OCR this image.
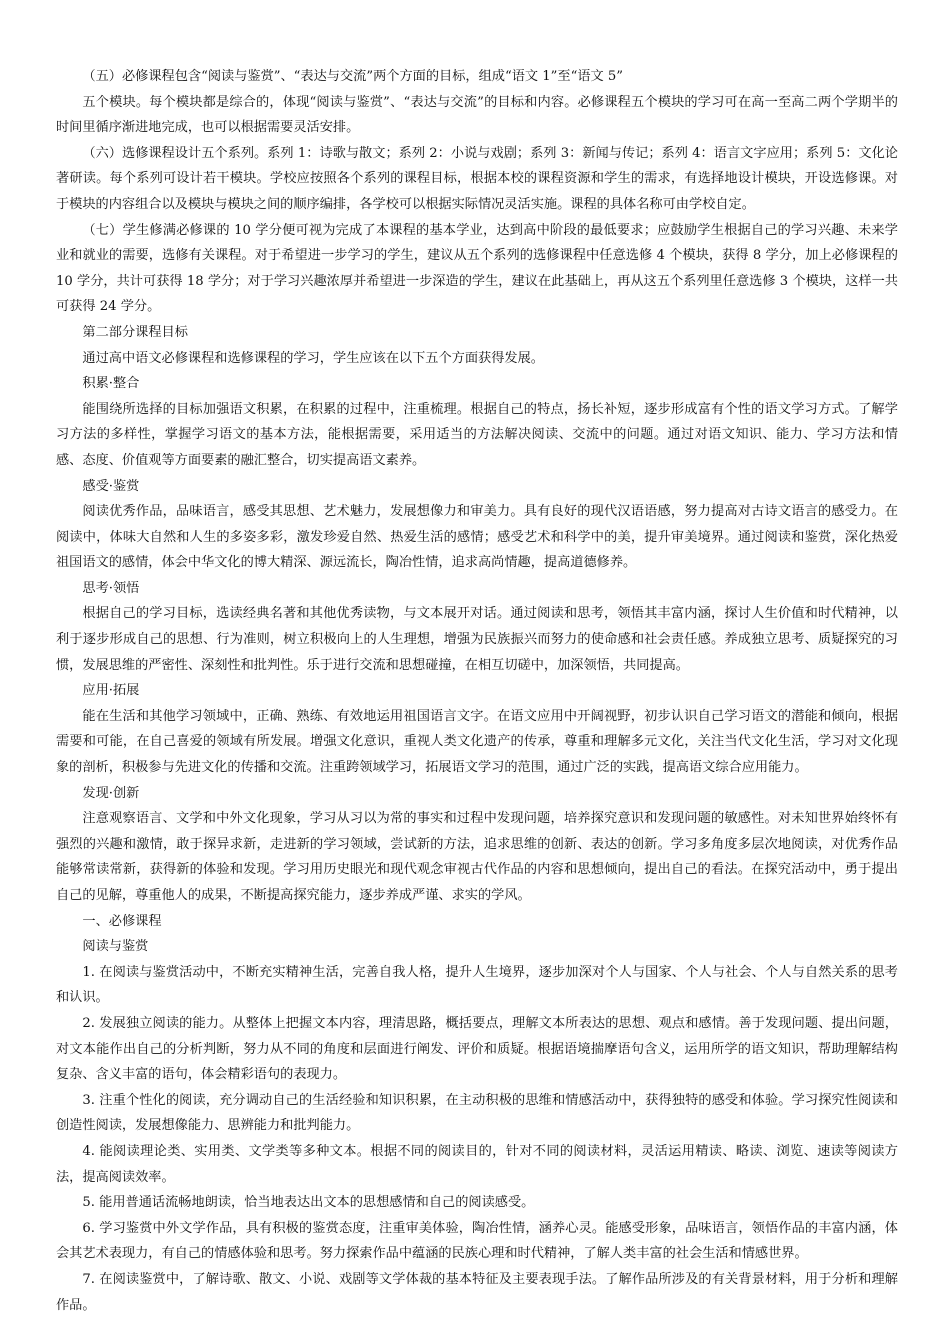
（五）必修课程包含“阅读与鉴赏”、“表达与交流”两个方面的目标，组成“语文 1”至“语文 5”

五个模块。每个模块都是综合的，体现“阅读与鉴赏”、“表达与交流”的目标和内容。必修课程五个模块的学习可在高一至高二两个学期半的时间里循序渐进地完成，也可以根据需要灵活安排。

（六）选修课程设计五个系列。系列 1：诗歌与散文；系列 2：小说与戏剧；系列 3：新闻与传记；系列 4：语言文字应用；系列 5：文化论著研读。每个系列可设计若干模块。学校应按照各个系列的课程目标，根据本校的课程资源和学生的需求，有选择地设计模块，开设选修课。对于模块的内容组合以及模块与模块之间的顺序编排，各学校可以根据实际情况灵活实施。课程的具体名称可由学校自定。

（七）学生修满必修课的 10 学分便可视为完成了本课程的基本学业，达到高中阶段的最低要求；应鼓励学生根据自己的学习兴趣、未来学业和就业的需要，选修有关课程。对于希望进一步学习的学生，建议从五个系列的选修课程中任意选修 4 个模块，获得 8 学分，加上必修课程的 10 学分，共计可获得 18 学分；对于学习兴趣浓厚并希望进一步深造的学生，建议在此基础上，再从这五个系列里任意选修 3 个模块，这样一共可获得 24 学分。

第二部分课程目标

通过高中语文必修课程和选修课程的学习，学生应该在以下五个方面获得发展。

积累·整合

能围绕所选择的目标加强语文积累，在积累的过程中，注重梳理。根据自己的特点，扬长补短，逐步形成富有个性的语文学习方式。了解学习方法的多样性，掌握学习语文的基本方法，能根据需要，采用适当的方法解决阅读、交流中的问题。通过对语文知识、能力、学习方法和情感、态度、价值观等方面要素的融汇整合，切实提高语文素养。

感受·鉴赏

阅读优秀作品，品味语言，感受其思想、艺术魅力，发展想像力和审美力。具有良好的现代汉语语感，努力提高对古诗文语言的感受力。在阅读中，体味大自然和人生的多姿多彩，激发珍爱自然、热爱生活的感情；感受艺术和科学中的美，提升审美境界。通过阅读和鉴赏，深化热爱祖国语文的感情，体会中华文化的博大精深、源远流长，陶冶性情，追求高尚情趣，提高道德修养。

思考·领悟

根据自己的学习目标，选读经典名著和其他优秀读物，与文本展开对话。通过阅读和思考，领悟其丰富内涵，探讨人生价值和时代精神，以利于逐步形成自己的思想、行为准则，树立积极向上的人生理想，增强为民族振兴而努力的使命感和社会责任感。养成独立思考、质疑探究的习惯，发展思维的严密性、深刻性和批判性。乐于进行交流和思想碰撞，在相互切磋中，加深领悟，共同提高。

应用·拓展

能在生活和其他学习领域中，正确、熟练、有效地运用祖国语言文字。在语文应用中开阔视野，初步认识自己学习语文的潜能和倾向，根据需要和可能，在自己喜爱的领域有所发展。增强文化意识，重视人类文化遗产的传承，尊重和理解多元文化，关注当代文化生活，学习对文化现象的剖析，积极参与先进文化的传播和交流。注重跨领域学习，拓展语文学习的范围，通过广泛的实践，提高语文综合应用能力。

发现·创新

注意观察语言、文学和中外文化现象，学习从习以为常的事实和过程中发现问题，培养探究意识和发现问题的敏感性。对未知世界始终怀有强烈的兴趣和激情，敢于探异求新，走进新的学习领域，尝试新的方法，追求思维的创新、表达的创新。学习多角度多层次地阅读，对优秀作品能够常读常新，获得新的体验和发现。学习用历史眼光和现代观念审视古代作品的内容和思想倾向，提出自己的看法。在探究活动中，勇于提出自己的见解，尊重他人的成果，不断提高探究能力，逐步养成严谨、求实的学风。

一、必修课程

阅读与鉴赏

1. 在阅读与鉴赏活动中，不断充实精神生活，完善自我人格，提升人生境界，逐步加深对个人与国家、个人与社会、个人与自然关系的思考和认识。

2. 发展独立阅读的能力。从整体上把握文本内容，理清思路，概括要点，理解文本所表达的思想、观点和感情。善于发现问题、提出问题，对文本能作出自己的分析判断，努力从不同的角度和层面进行阐发、评价和质疑。根据语境揣摩语句含义，运用所学的语文知识，帮助理解结构复杂、含义丰富的语句，体会精彩语句的表现力。

3. 注重个性化的阅读，充分调动自己的生活经验和知识积累，在主动积极的思维和情感活动中，获得独特的感受和体验。学习探究性阅读和创造性阅读，发展想像能力、思辨能力和批判能力。

4. 能阅读理论类、实用类、文学类等多种文本。根据不同的阅读目的，针对不同的阅读材料，灵活运用精读、略读、浏览、速读等阅读方法，提高阅读效率。

5. 能用普通话流畅地朗读，恰当地表达出文本的思想感情和自己的阅读感受。

6. 学习鉴赏中外文学作品，具有积极的鉴赏态度，注重审美体验，陶冶性情，涵养心灵。能感受形象，品味语言，领悟作品的丰富内涵，体会其艺术表现力，有自己的情感体验和思考。努力探索作品中蕴涵的民族心理和时代精神，了解人类丰富的社会生活和情感世界。

7. 在阅读鉴赏中，了解诗歌、散文、小说、戏剧等文学体裁的基本特征及主要表现手法。了解作品所涉及的有关背景材料，用于分析和理解作品。
